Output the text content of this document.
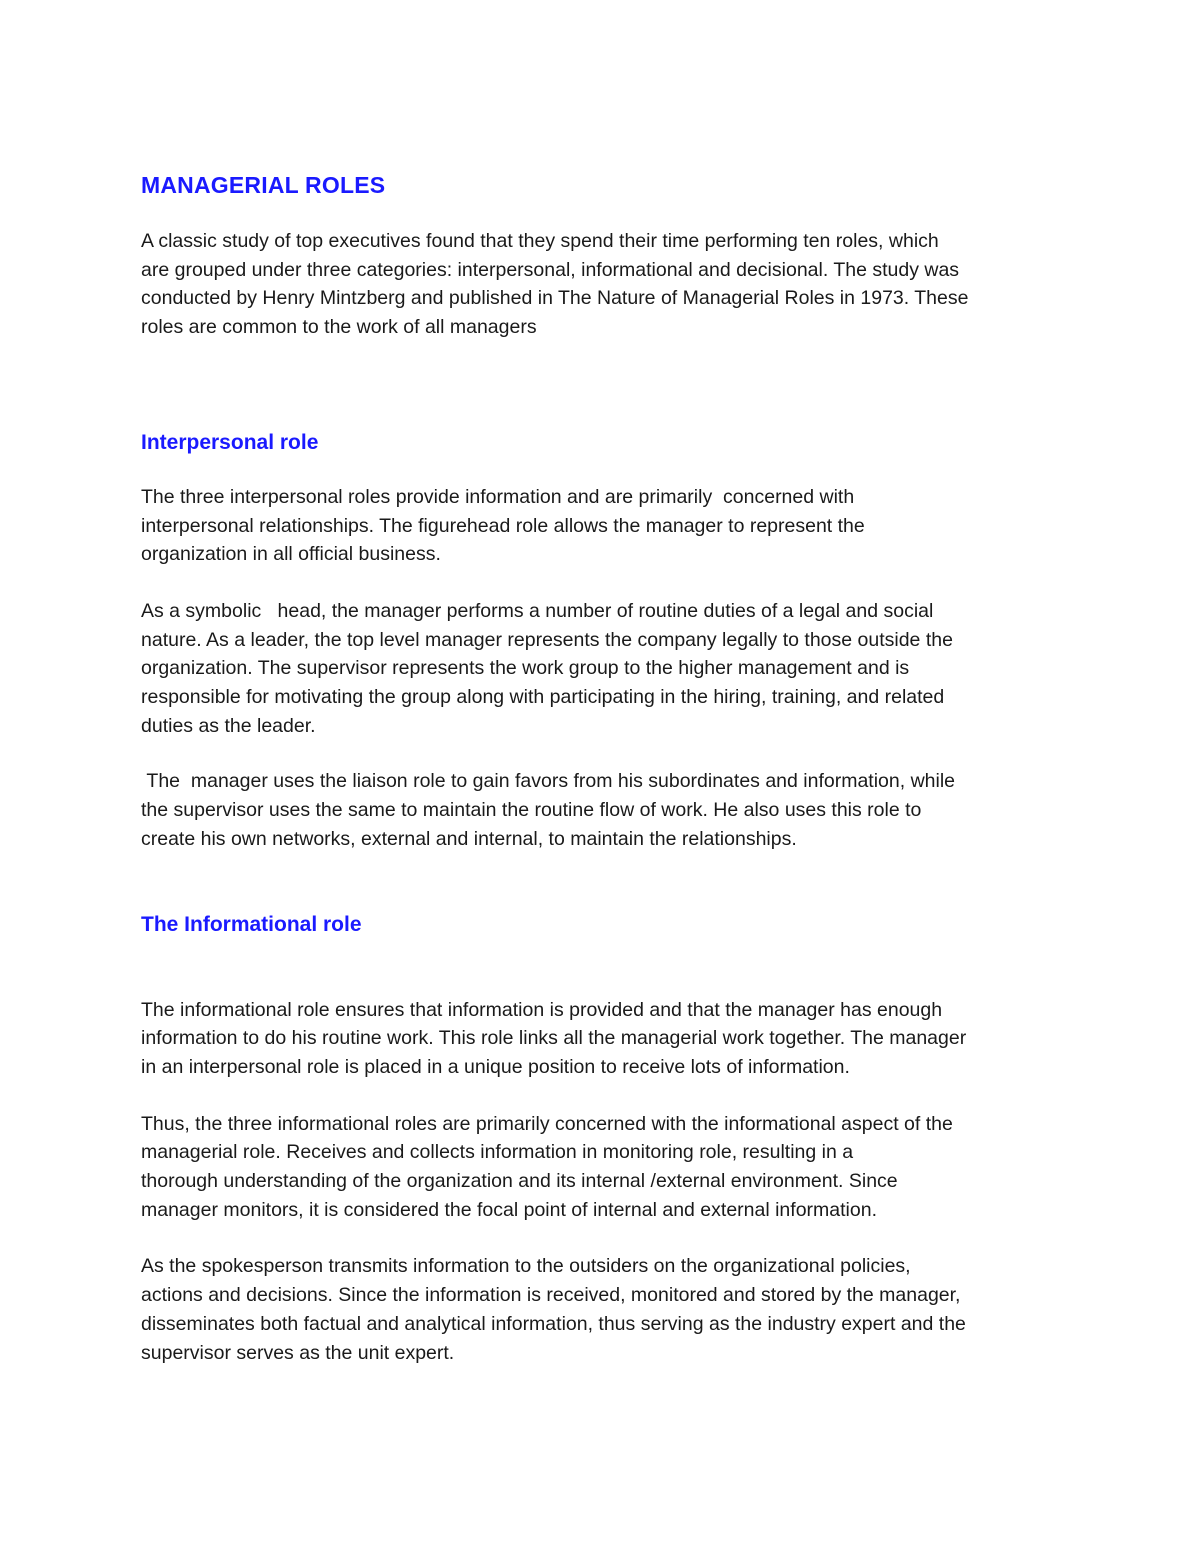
MANAGERIAL ROLES

A classic study of top executives found that they spend their time performing ten roles, which
are grouped under three categories: interpersonal, informational and decisional. The study was
conducted by Henry Mintzberg and published in The Nature of Managerial Roles in 1973. These
roles are common to the work of all managers

Interpersonal role

The three interpersonal roles provide information and are primarily  concerned with
interpersonal relationships. The figurehead role allows the manager to represent the
organization in all official business.

As a symbolic   head, the manager performs a number of routine duties of a legal and social
nature. As a leader, the top level manager represents the company legally to those outside the
organization. The supervisor represents the work group to the higher management and is
responsible for motivating the group along with participating in the hiring, training, and related
duties as the leader.

The  manager uses the liaison role to gain favors from his subordinates and information, while
the supervisor uses the same to maintain the routine flow of work. He also uses this role to
create his own networks, external and internal, to maintain the relationships.

The Informational role

The informational role ensures that information is provided and that the manager has enough
information to do his routine work. This role links all the managerial work together. The manager
in an interpersonal role is placed in a unique position to receive lots of information.

Thus, the three informational roles are primarily concerned with the informational aspect of the
managerial role. Receives and collects information in monitoring role, resulting in a
thorough understanding of the organization and its internal /external environment. Since
manager monitors, it is considered the focal point of internal and external information.

As the spokesperson transmits information to the outsiders on the organizational policies,
actions and decisions. Since the information is received, monitored and stored by the manager,
disseminates both factual and analytical information, thus serving as the industry expert and the
supervisor serves as the unit expert.
